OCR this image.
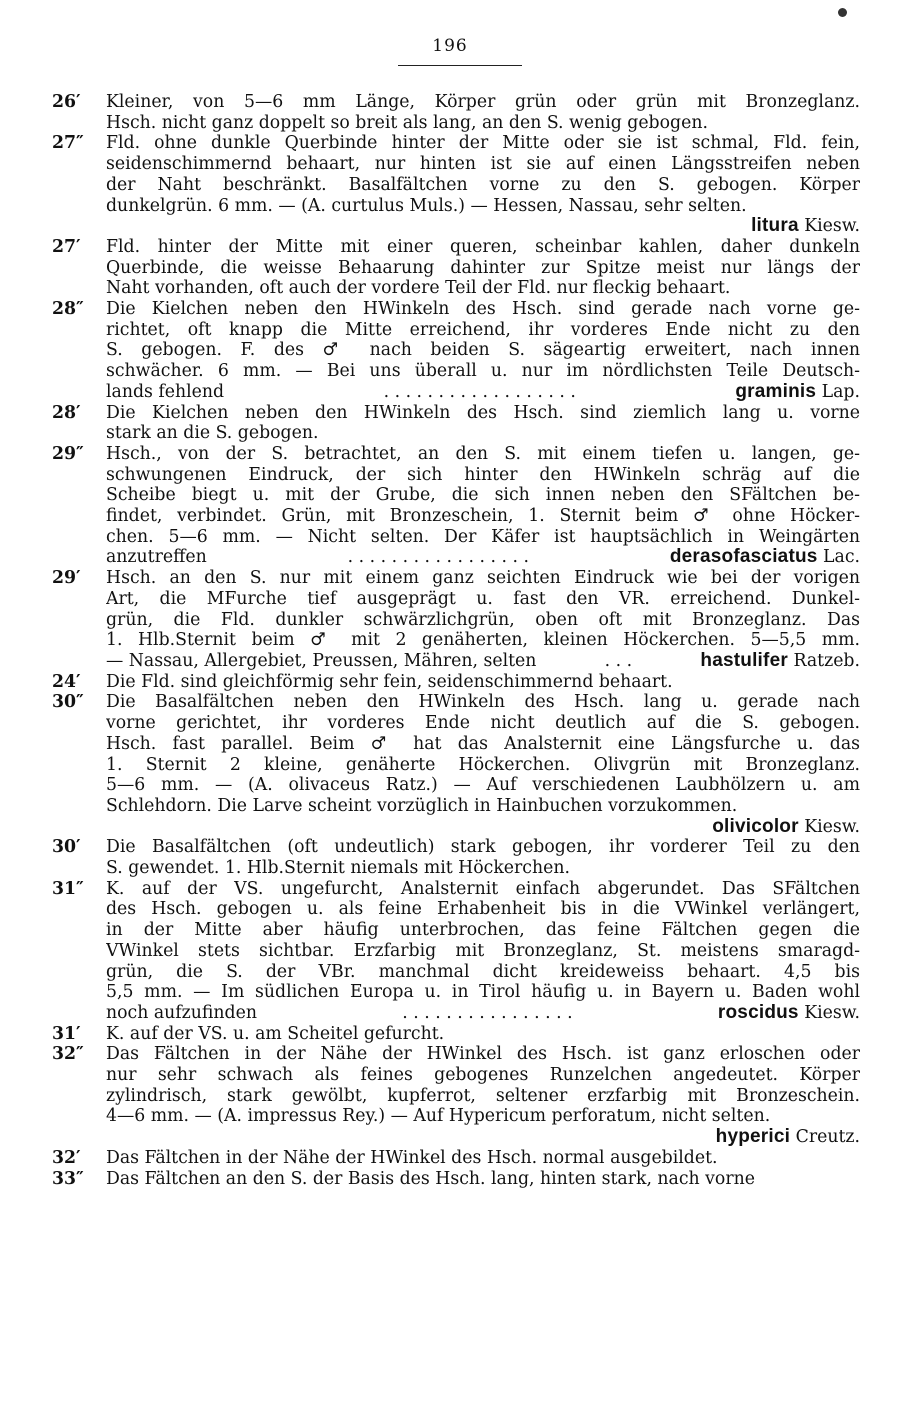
196
26′	Kleiner, von 5—6 mm Länge, Körper grün oder grün mit Bronzeglanz.
Hsch. nicht ganz doppelt so breit als lang, an den S. wenig gebogen.
27″	Fld. ohne dunkle Querbinde hinter der Mitte oder sie ist schmal, Fld. fein,
seidenschimmernd behaart, nur hinten ist sie auf einen Längsstreifen neben
der Naht beschränkt. Basalfältchen vorne zu den S. gebogen. Körper
dunkelgrün. 6 mm. — (A. curtulus Muls.) — Hessen, Nassau, sehr selten.
litura Kiesw.
27′	Fld. hinter der Mitte mit einer queren, scheinbar kahlen, daher dunkeln
Querbinde, die weisse Behaarung dahinter zur Spitze meist nur längs der
Naht vorhanden, oft auch der vordere Teil der Fld. nur fleckig behaart.
28″	Die Kielchen neben den HWinkeln des Hsch. sind gerade nach vorne ge-
richtet, oft knapp die Mitte erreichend, ihr vorderes Ende nicht zu den
S. gebogen. F. des ♂ nach beiden S. sägeartig erweitert, nach innen
schwächer. 6 mm. — Bei uns überall u. nur im nördlichsten Teile Deutsch-
lands fehlend	. . . . . . . . . . . . . . . . . .	graminis Lap.
28′	Die Kielchen neben den HWinkeln des Hsch. sind ziemlich lang u. vorne
stark an die S. gebogen.
29″	Hsch., von der S. betrachtet, an den S. mit einem tiefen u. langen, ge-
schwungenen Eindruck, der sich hinter den HWinkeln schräg auf die
Scheibe biegt u. mit der Grube, die sich innen neben den SFältchen be-
findet, verbindet. Grün, mit Bronzeschein, 1. Sternit beim ♂ ohne Höcker-
chen. 5—6 mm. — Nicht selten. Der Käfer ist hauptsächlich in Weingärten
anzutreffen	. . . . . . . . . . . . . . . . .	derasofasciatus Lac.
29′	Hsch. an den S. nur mit einem ganz seichten Eindruck wie bei der vorigen
Art, die MFurche tief ausgeprägt u. fast den VR. erreichend. Dunkel-
grün, die Fld. dunkler schwärzlichgrün, oben oft mit Bronzeglanz. Das
1. Hlb.Sternit beim ♂ mit 2 genäherten, kleinen Höckerchen. 5—5,5 mm.
— Nassau, Allergebiet, Preussen, Mähren, selten	. . .	hastulifer Ratzeb.
24′	Die Fld. sind gleichförmig sehr fein, seidenschimmernd behaart.
30″	Die Basalfältchen neben den HWinkeln des Hsch. lang u. gerade nach
vorne gerichtet, ihr vorderes Ende nicht deutlich auf die S. gebogen.
Hsch. fast parallel. Beim ♂ hat das Analsternit eine Längsfurche u. das
1. Sternit 2 kleine, genäherte Höckerchen. Olivgrün mit Bronzeglanz.
5—6 mm. — (A. olivaceus Ratz.) — Auf verschiedenen Laubhölzern u. am
Schlehdorn. Die Larve scheint vorzüglich in Hainbuchen vorzukommen.
olivicolor Kiesw.
30′	Die Basalfältchen (oft undeutlich) stark gebogen, ihr vorderer Teil zu den
S. gewendet. 1. Hlb.Sternit niemals mit Höckerchen.
31″	K. auf der VS. ungefurcht, Analsternit einfach abgerundet. Das SFältchen
des Hsch. gebogen u. als feine Erhabenheit bis in die VWinkel verlängert,
in der Mitte aber häufig unterbrochen, das feine Fältchen gegen die
VWinkel stets sichtbar. Erzfarbig mit Bronzeglanz, St. meistens smaragd-
grün, die S. der VBr. manchmal dicht kreideweiss behaart. 4,5 bis
5,5 mm. — Im südlichen Europa u. in Tirol häufig u. in Bayern u. Baden wohl
noch aufzufinden	. . . . . . . . . . . . . . . .	roscidus Kiesw.
31′	K. auf der VS. u. am Scheitel gefurcht.
32″	Das Fältchen in der Nähe der HWinkel des Hsch. ist ganz erloschen oder
nur sehr schwach als feines gebogenes Runzelchen angedeutet. Körper
zylindrisch, stark gewölbt, kupferrot, seltener erzfarbig mit Bronzeschein.
4—6 mm. — (A. impressus Rey.) — Auf Hypericum perforatum, nicht selten.
hyperici Creutz.
32′	Das Fältchen in der Nähe der HWinkel des Hsch. normal ausgebildet.
33″	Das Fältchen an den S. der Basis des Hsch. lang, hinten stark, nach vorne
